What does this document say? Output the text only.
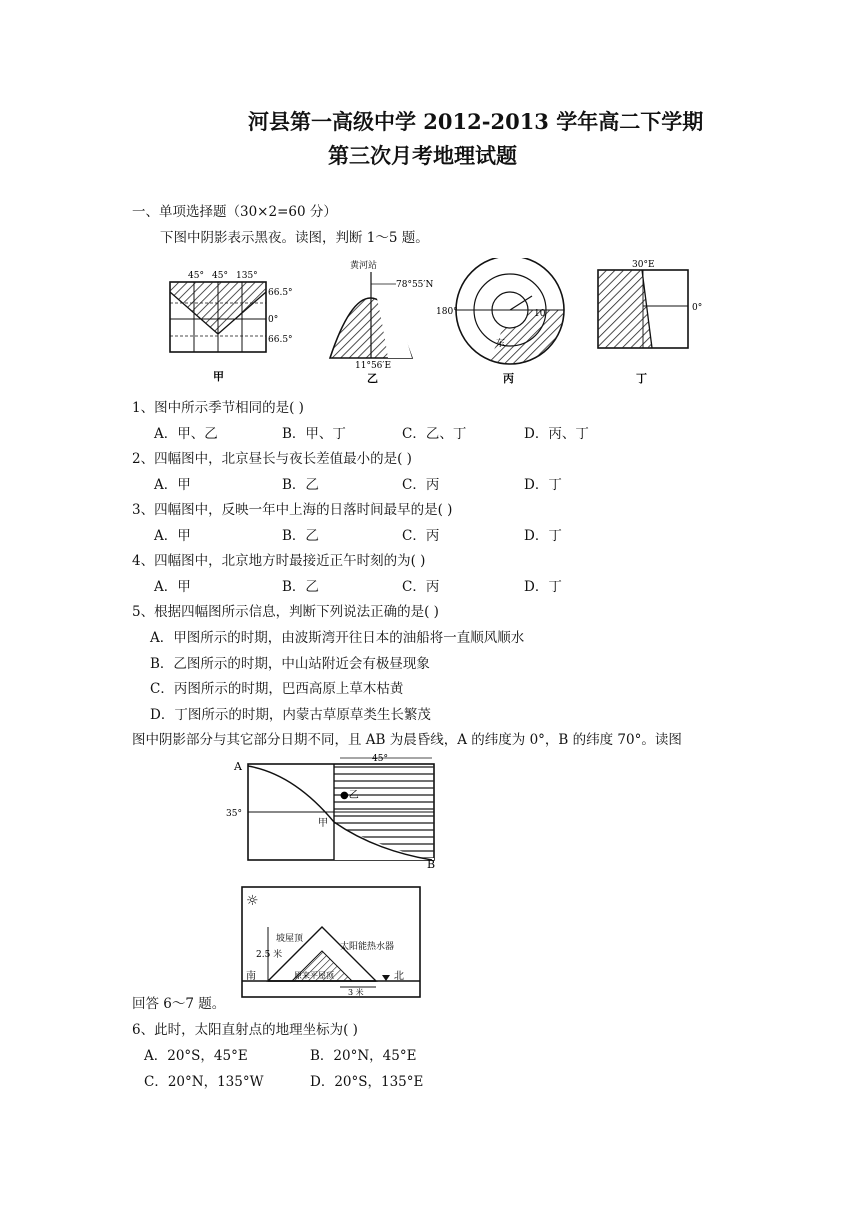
河县第一高级中学 2012-2013 学年高二下学期
第三次月考地理试题
一、单项选择题（30×2=60 分）
下图中阴影表示黑夜。读图，判断 1～5 题。
45° 45° 135°
66.5°
0°
66.5°
甲
黄河站
78°55′N
11°56′E
乙
180°	10
东
丙
30°E
0°
丁
1、图中所示季节相同的是( )
A．甲、乙	B．甲、丁	C．乙、丁	D．丙、丁
2、四幅图中，北京昼长与夜长差值最小的是( )
A．甲	B．乙	C．丙	D．丁
3、四幅图中，反映一年中上海的日落时间最早的是( )
A．甲	B．乙	C．丙	D．丁
4、四幅图中，北京地方时最接近正午时刻的为( )
A．甲	B．乙	C．丙	D．丁
5、根据四幅图所示信息，判断下列说法正确的是( )
A．甲图所示的时期，由波斯湾开往日本的油船将一直顺风顺水
B．乙图所示的时期，中山站附近会有极昼现象
C．丙图所示的时期，巴西高原上草木枯黄
D．丁图所示的时期，内蒙古草原草类生长繁茂
图中阴影部分与其它部分日期不同，且 AB 为晨昏线，A 的纬度为 0°，B 的纬度 70°。读图
45°
A
B
35°
甲
●乙
☼
坡屋顶
2.5 米
太阳能热水器
南	原来平屋顶
3 米
北
回答 6～7 题。
6、此时，太阳直射点的地理坐标为( )
A．20°S，45°E	B．20°N，45°E
C．20°N，135°W	D．20°S，135°E
